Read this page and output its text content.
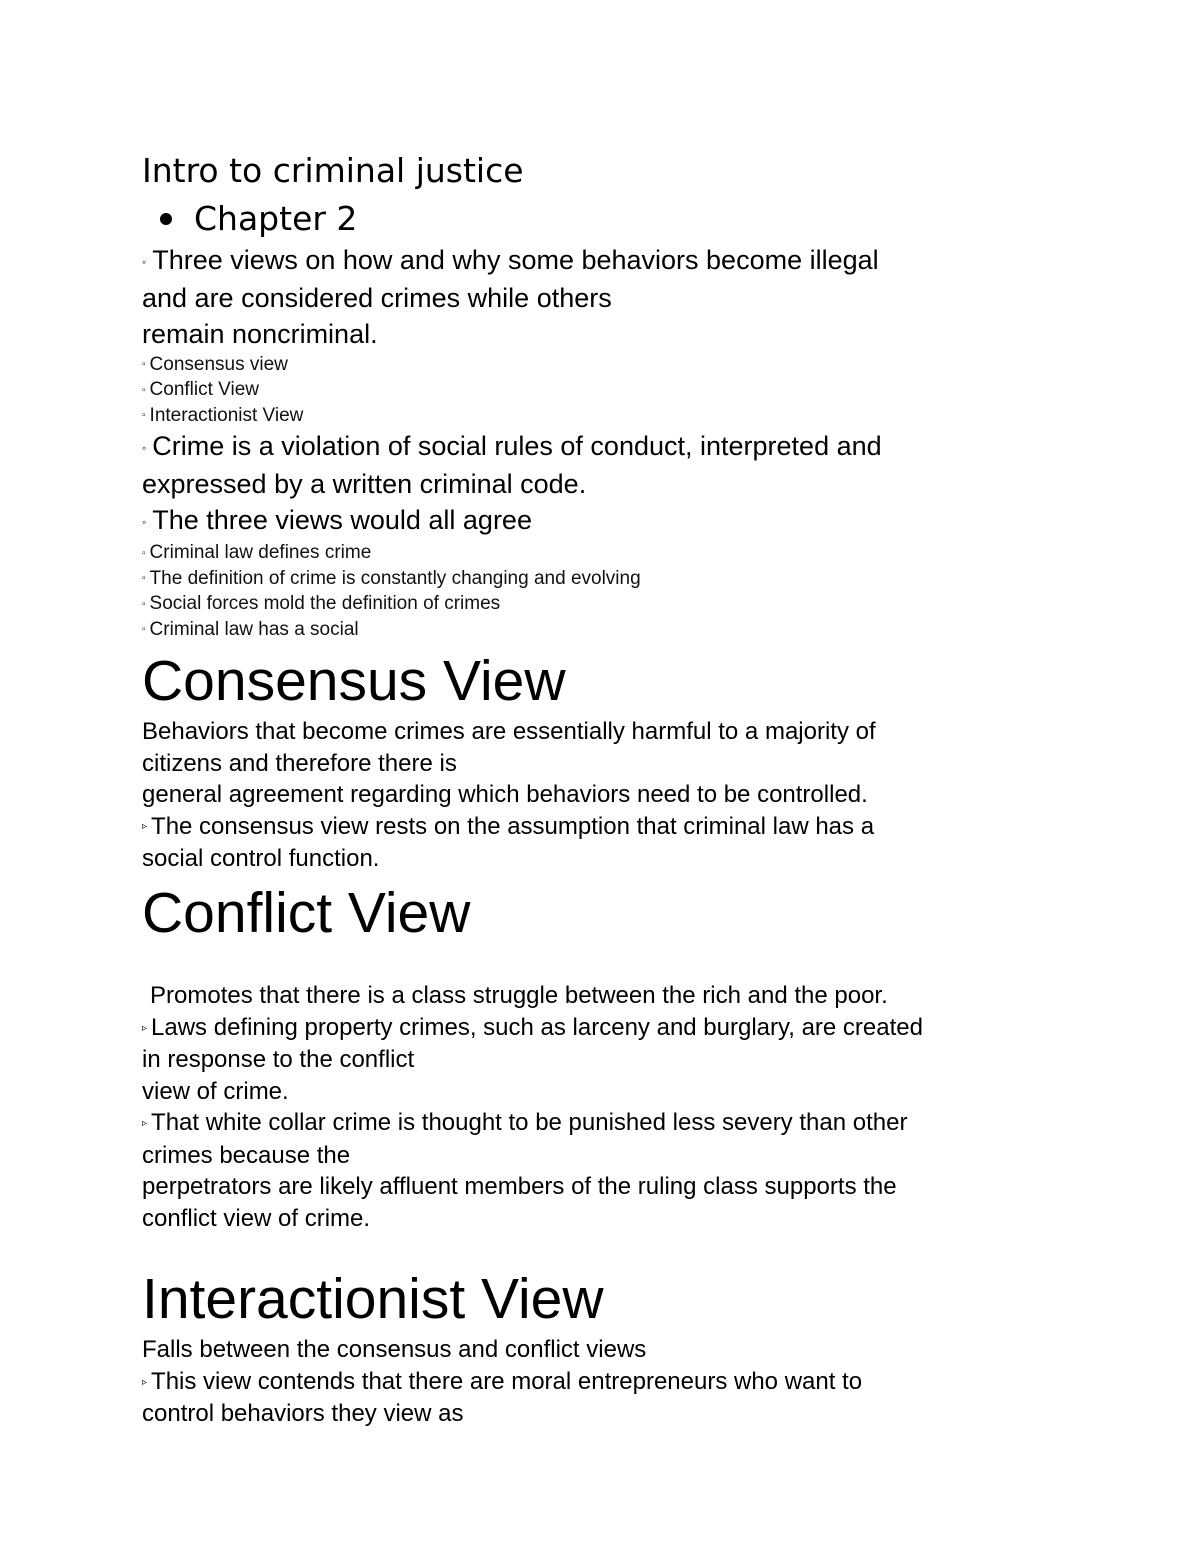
Intro to criminal justice
Chapter 2

◦ Three views on how and why some behaviors become illegal
and are considered crimes while others
remain noncriminal.

▫ Consensus view

▫ Conflict View

▫ Interactionist View

◦ Crime is a violation of social rules of conduct, interpreted and
expressed by a written criminal code.

◦ The three views would all agree

▫ Criminal law defines crime

▫ The definition of crime is constantly changing and evolving

▫ Social forces mold the definition of crimes

▫ Criminal law has a social

Consensus View

Behaviors that become crimes are essentially harmful to a majority of
citizens and therefore there is
general agreement regarding which behaviors need to be controlled.

▹ The consensus view rests on the assumption that criminal law has a
social control function.

Conflict View

Promotes that there is a class struggle between the rich and the poor.

▹ Laws defining property crimes, such as larceny and burglary, are created
in response to the conflict
view of crime.

▹ That white collar crime is thought to be punished less severy than other
crimes because the
perpetrators are likely affluent members of the ruling class supports the
conflict view of crime.

Interactionist View

Falls between the consensus and conflict views

▹ This view contends that there are moral entrepreneurs who want to
control behaviors they view as
